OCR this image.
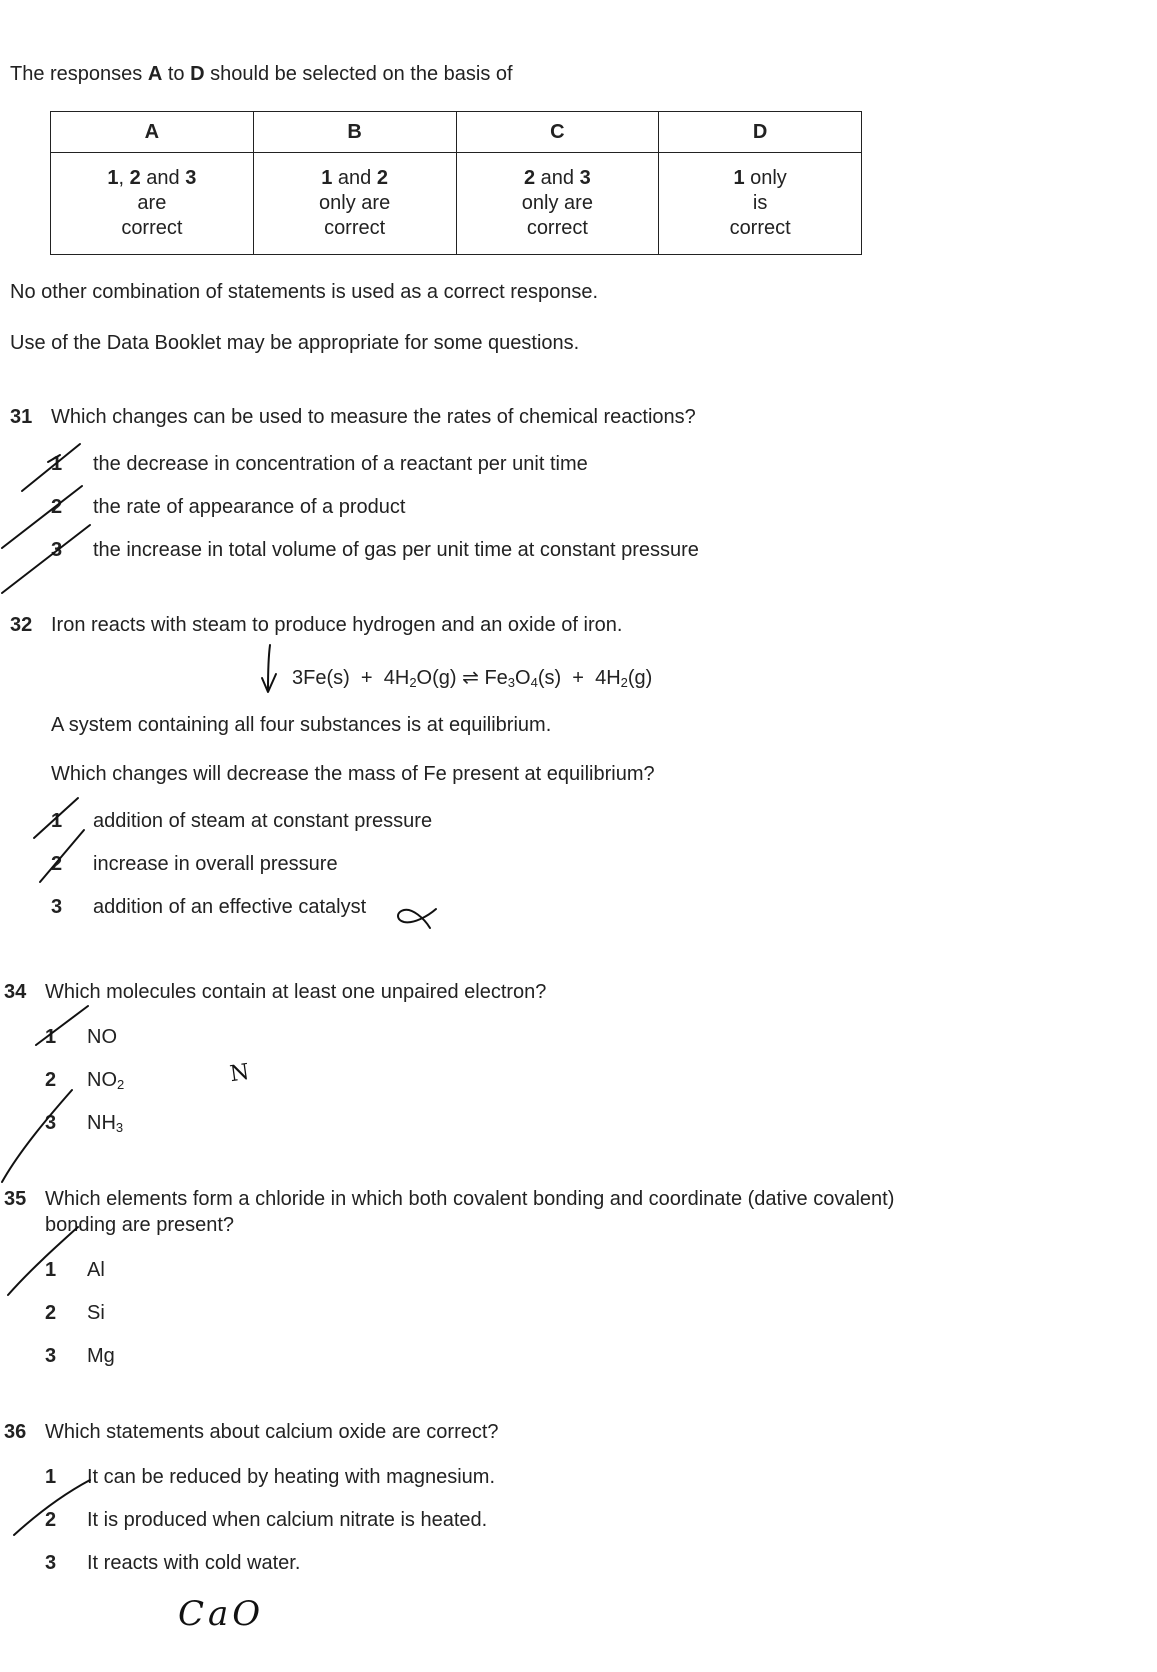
The responses A to D should be selected on the basis of
A	B	C	D
1, 2 and 3
are
correct	1 and 2
only are
correct	2 and 3
only are
correct	1 only
is
correct
No other combination of statements is used as a correct response.
Use of the Data Booklet may be appropriate for some questions.
31 Which changes can be used to measure the rates of chemical reactions?
1 the decrease in concentration of a reactant per unit time
2 the rate of appearance of a product
3 the increase in total volume of gas per unit time at constant pressure
32 Iron reacts with steam to produce hydrogen and an oxide of iron.
$3Fe(s) + 4H_2O(g)$ ⇌ $Fe_3O_4(s) + 4H_2(g)$
A system containing all four substances is at equilibrium.
Which changes will decrease the mass of Fe present at equilibrium?
1 addition of steam at constant pressure
2 increase in overall pressure
3 addition of an effective catalyst
34 Which molecules contain at least one unpaired electron?
1 NO
2 $NO_2$
3 $NH_3$
35 Which elements form a chloride in which both covalent bonding and coordinate (dative covalent)
bonding are present?
1 Al
2 Si
3 Mg
36 Which statements about calcium oxide are correct?
1 It can be reduced by heating with magnesium.
2 It is produced when calcium nitrate is heated.
3 It reacts with cold water.
N
CaO
